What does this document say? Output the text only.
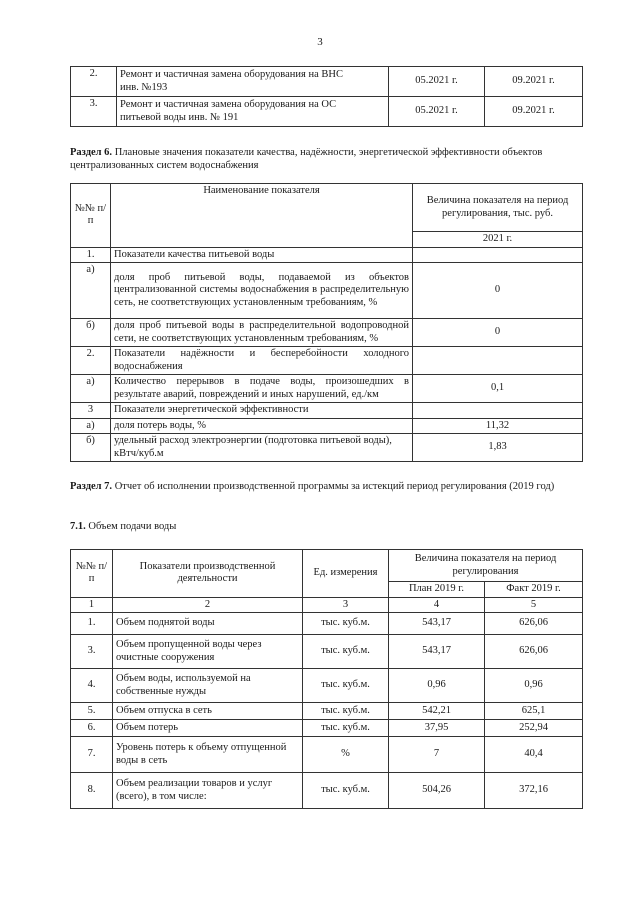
3
2.	Ремонт и частичная замена оборудования на ВНС
инв. №193	05.2021 г.	09.2021 г.
3.	Ремонт и частичная замена оборудования на ОС
питьевой воды инв. № 191	05.2021 г.	09.2021 г.
Раздел 6. Плановые значения показатели качества, надёжности, энергетической эффективности объектов
централизованных систем водоснабжения
№№ п/п	Наименование показателя	Величина показателя на период регулирования, тыс. руб.
		2021 г.
1.	Показатели качества питьевой воды	
а)	доля проб питьевой воды, подаваемой из объектов централизованной системы водоснабжения в распределительную сеть, не соответствующих установленным требованиям, %	0
б)	доля проб питьевой воды в распределительной водопроводной сети, не соответствующих установленным требованиям, %	0
2.	Показатели надёжности и бесперебойности холодного водоснабжения	
а)	Количество перерывов в подаче воды, произошедших в результате аварий, повреждений и иных нарушений, ед./км	0,1
3	Показатели энергетической эффективности	
а)	доля потерь воды, %	11,32
б)	удельный расход электроэнергии (подготовка питьевой воды), кВтч/куб.м	1,83
Раздел 7. Отчет об исполнении производственной программы за истекций период регулирования (2019 год)
7.1. Объем подачи воды
№№ п/п	Показатели производственной деятельности	Ед. измерения	Величина показателя на период регулирования	
			План 2019 г.	Факт 2019 г.
1	2	3	4	5
1.	Объем поднятой воды	тыс. куб.м.	543,17	626,06
3.	Объем пропущенной воды через очистные сооружения	тыс. куб.м.	543,17	626,06
4.	Объем воды, используемой на собственные нужды	тыс. куб.м.	0,96	0,96
5.	Объем отпуска в сеть	тыс. куб.м.	542,21	625,1
6.	Объем потерь	тыс. куб.м.	37,95	252,94
7.	Уровень потерь к объему отпущенной воды в сеть	%	7	40,4
8.	Объем реализации товаров и услуг (всего), в том числе:	тыс. куб.м.	504,26	372,16
